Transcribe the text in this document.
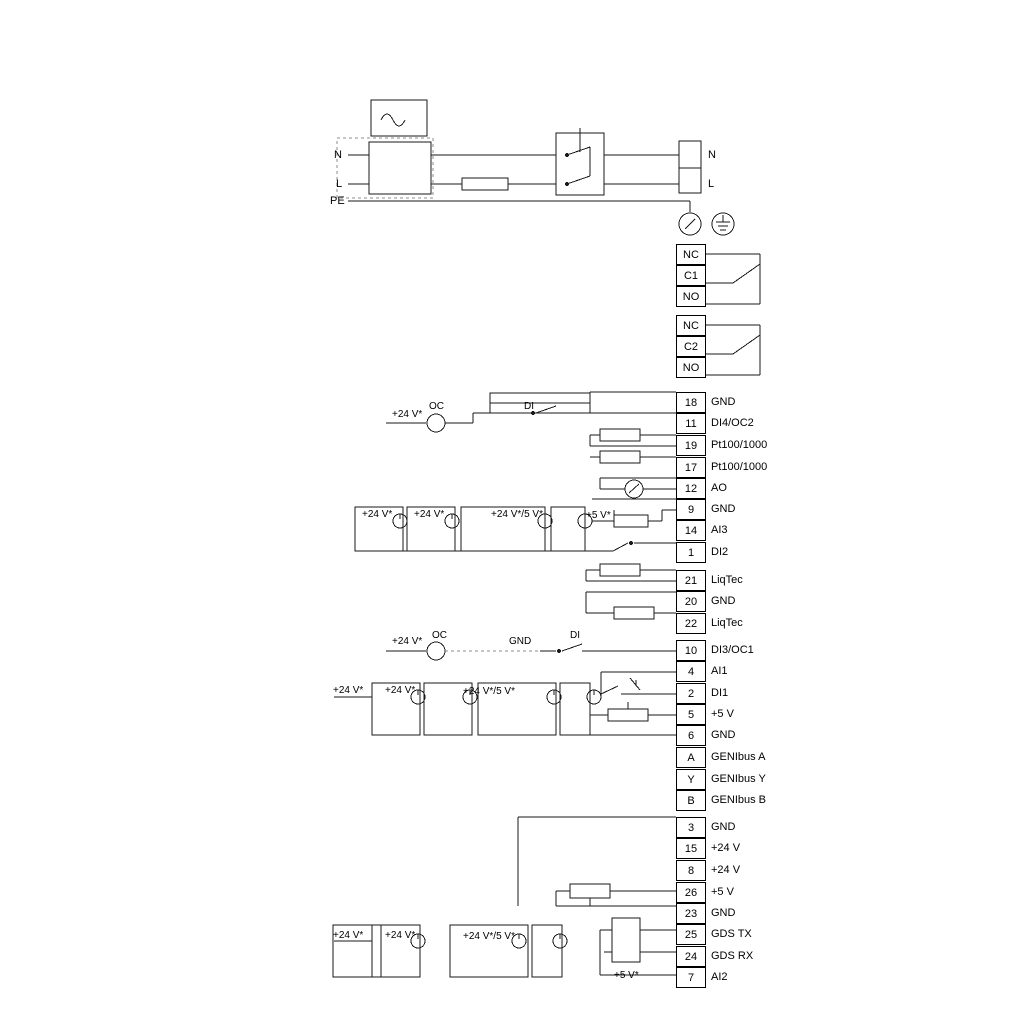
N
L
PE
N
L
NC
C1
NO
NC
C2
NO
18	GND
11	DI4/OC2
19	Pt100/1000
17	Pt100/1000
12	AO
9	GND
14	AI3
1	DI2
21	LiqTec
20	GND
22	LiqTec
10	DI3/OC1
4	AI1
2	DI1
5	+5 V
6	GND
A	GENIbus A
Y	GENIbus Y
B	GENIbus B
3	GND
15	+24 V
8	+24 V
26	+5 V
23	GND
25	GDS TX
24	GDS RX
7	AI2
+24 V*
OC	DI
+24 V* +24 V*	+24 V*/5 V*	+5 V*
+24 V*
OC
GND
DI
+24 V* +24 V*	+24 V*/5 V*
+24 V* +24 V*	+24 V*/5 V*
+5 V*
